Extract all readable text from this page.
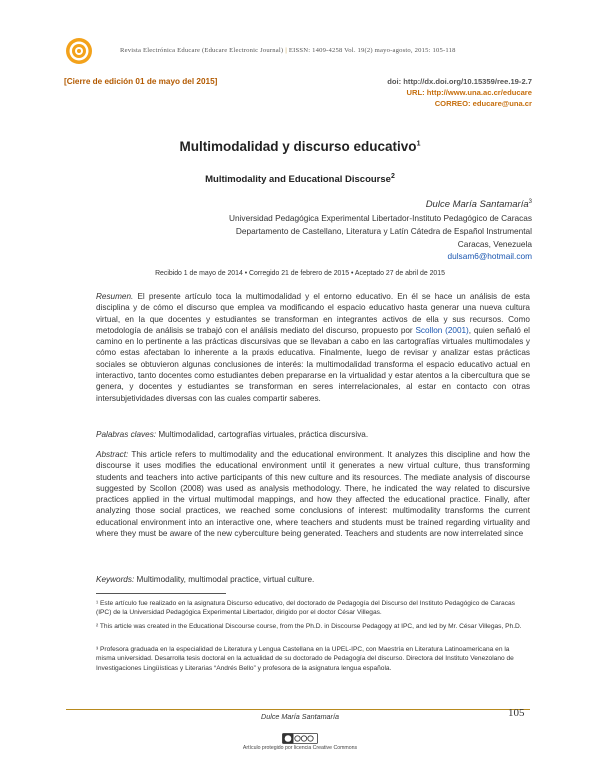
Revista Electrónica Educare (Educare Electronic Journal) | EISSN: 1409-4258 Vol. 19(2) mayo-agosto, 2015: 105-118
[Cierre de edición 01 de mayo del 2015]	doi: http://dx.doi.org/10.15359/ree.19-2.7
URL: http://www.una.ac.cr/educare
CORREO: educare@una.cr
Multimodalidad y discurso educativo$^1$
Multimodality and Educational Discourse$^2$
Dulce María Santamaría$^3$
Universidad Pedagógica Experimental Libertador-Instituto Pedagógico de Caracas
Departamento de Castellano, Literatura y Latín Cátedra de Español Instrumental
Caracas, Venezuela
dulsam6@hotmail.com
Recibido 1 de mayo de 2014 • Corregido 21 de febrero de 2015 • Aceptado 27 de abril de 2015
Resumen. El presente artículo toca la multimodalidad y el entorno educativo. En él se hace un análisis de esta disciplina y de cómo el discurso que emplea va modificando el espacio educativo hasta generar una nueva cultura virtual, en la que docentes y estudiantes se transforman en integrantes activos de ella y sus recursos. Como metodología de análisis se trabajó con el análisis mediato del discurso, propuesto por Scollon (2001), quien señaló el camino en lo pertinente a las prácticas discursivas que se llevaban a cabo en las cartografías virtuales multimodales y cómo estas afectaban lo inherente a la praxis educativa. Finalmente, luego de revisar y analizar estas prácticas sociales se obtuvieron algunas conclusiones de interés: la multimodalidad transforma el espacio educativo actual en interactivo, tanto docentes como estudiantes deben prepararse en la virtualidad y estar atentos a la cibercultura que se genera, y docentes y estudiantes se transforman en seres interrelacionales, al estar en contacto con otras intersubjetividades diversas con las cuales compartir saberes.
Palabras claves: Multimodalidad, cartografías virtuales, práctica discursiva.
Abstract: This article refers to multimodality and the educational environment. It analyzes this discipline and how the discourse it uses modifies the educational environment until it generates a new virtual culture, thus transforming students and teachers into active participants of this new culture and its resources. The mediate analysis of discourse suggested by Scollon (2008) was used as analysis methodology. There, he indicated the way related to discursive practices applied in the virtual multimodal mappings, and how they affected the educational practice. Finally, after analyzing those social practices, we reached some conclusions of interest: multimodality transforms the current educational environment into an interactive one, where teachers and students must be trained regarding virtuality and where they must be aware of the new cyberculture being generated. Teachers and students are now interrelated since
Keywords: Multimodality, multimodal practice, virtual culture.
¹ Este artículo fue realizado en la asignatura Discurso educativo, del doctorado de Pedagogía del Discurso del Instituto Pedagógico de Caracas (IPC) de la Universidad Pedagógica Experimental Libertador, dirigido por el doctor César Villegas.
² This article was created in the Educational Discourse course, from the Ph.D. in Discourse Pedagogy at IPC, and led by Mr. César Villegas, Ph.D.
³ Profesora graduada en la especialidad de Literatura y Lengua Castellana en la UPEL-IPC, con Maestría en Literatura Latinoamericana en la misma universidad. Desarrolla tesis doctoral en la actualidad de su doctorado de Pedagogía del discurso. Directora del Instituto Venezolano de Investigaciones Lingüísticas y Literarias “Andrés Bello” y profesora de la asignatura lengua española.
Dulce María Santamaría	105
Artículo protegido por licencia Creative Commons
